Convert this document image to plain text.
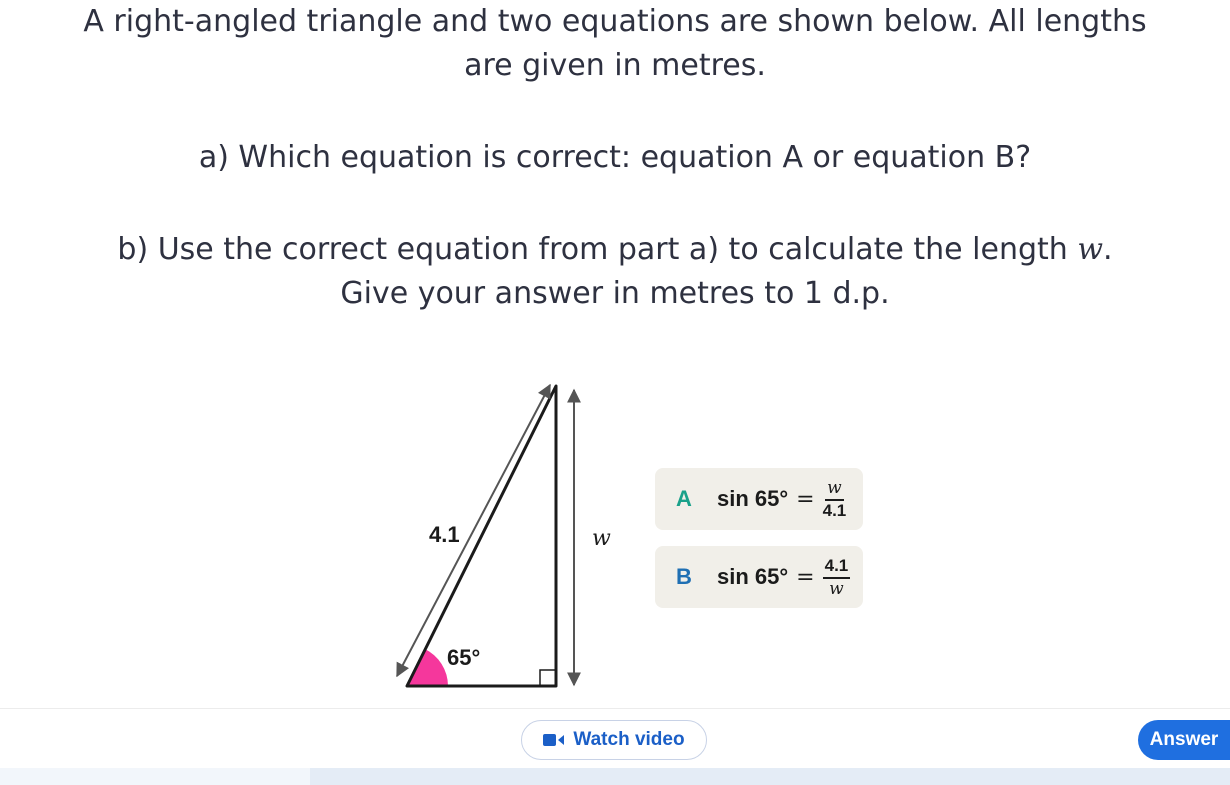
A right-angled triangle and two equations are shown below. All lengths
are given in metres.
a) Which equation is correct: equation A or equation B?
b) Use the correct equation from part a) to calculate the length w.
Give your answer in metres to 1 d.p.
4.1	w
65°
A $\sin 65^\circ = \frac{w}{4.1}$
B $\sin 65^\circ = \frac{4.1}{w}$
Watch video	Answer
